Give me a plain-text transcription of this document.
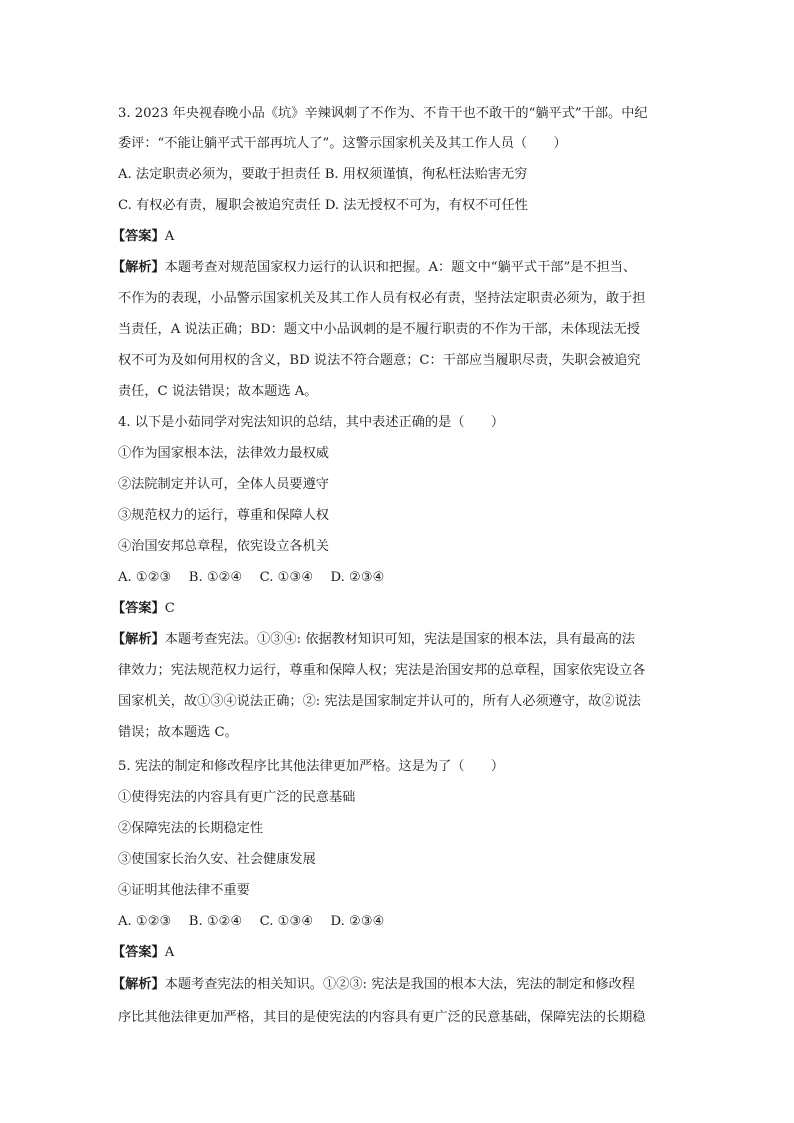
3. 2023 年央视春晚小品《坑》辛辣讽刺了不作为、不肯干也不敢干的“躺平式”干部。中纪
委评：“不能让躺平式干部再坑人了”。这警示国家机关及其工作人员（　　）
A. 法定职责必须为，要敢于担责任 B. 用权须谨慎，徇私枉法贻害无穷
C. 有权必有责，履职会被追究责任 D. 法无授权不可为，有权不可任性
【答案】A
【解析】本题考查对规范国家权力运行的认识和把握。A：题文中“躺平式干部”是不担当、
不作为的表现，小品警示国家机关及其工作人员有权必有责，坚持法定职责必须为，敢于担
当责任，A 说法正确；BD：题文中小品讽刺的是不履行职责的不作为干部，未体现法无授
权不可为及如何用权的含义，BD 说法不符合题意；C：干部应当履职尽责，失职会被追究
责任，C 说法错误；故本题选 A。
4. 以下是小茹同学对宪法知识的总结，其中表述正确的是（　　）
①作为国家根本法，法律效力最权威
②法院制定并认可，全体人员要遵守
③规范权力的运行，尊重和保障人权
④治国安邦总章程，依宪设立各机关
A. ①②③　 B. ①②④　 C. ①③④　 D. ②③④
【答案】C
【解析】本题考查宪法。①③④: 依据教材知识可知，宪法是国家的根本法，具有最高的法
律效力；宪法规范权力运行，尊重和保障人权；宪法是治国安邦的总章程，国家依宪设立各
国家机关，故①③④说法正确；②: 宪法是国家制定并认可的，所有人必须遵守，故②说法
错误；故本题选 C。
5. 宪法的制定和修改程序比其他法律更加严格。这是为了（　　）
①使得宪法的内容具有更广泛的民意基础
②保障宪法的长期稳定性
③使国家长治久安、社会健康发展
④证明其他法律不重要
A. ①②③　 B. ①②④　 C. ①③④　 D. ②③④
【答案】A
【解析】本题考查宪法的相关知识。①②③: 宪法是我国的根本大法，宪法的制定和修改程
序比其他法律更加严格，其目的是使宪法的内容具有更广泛的民意基础，保障宪法的长期稳
